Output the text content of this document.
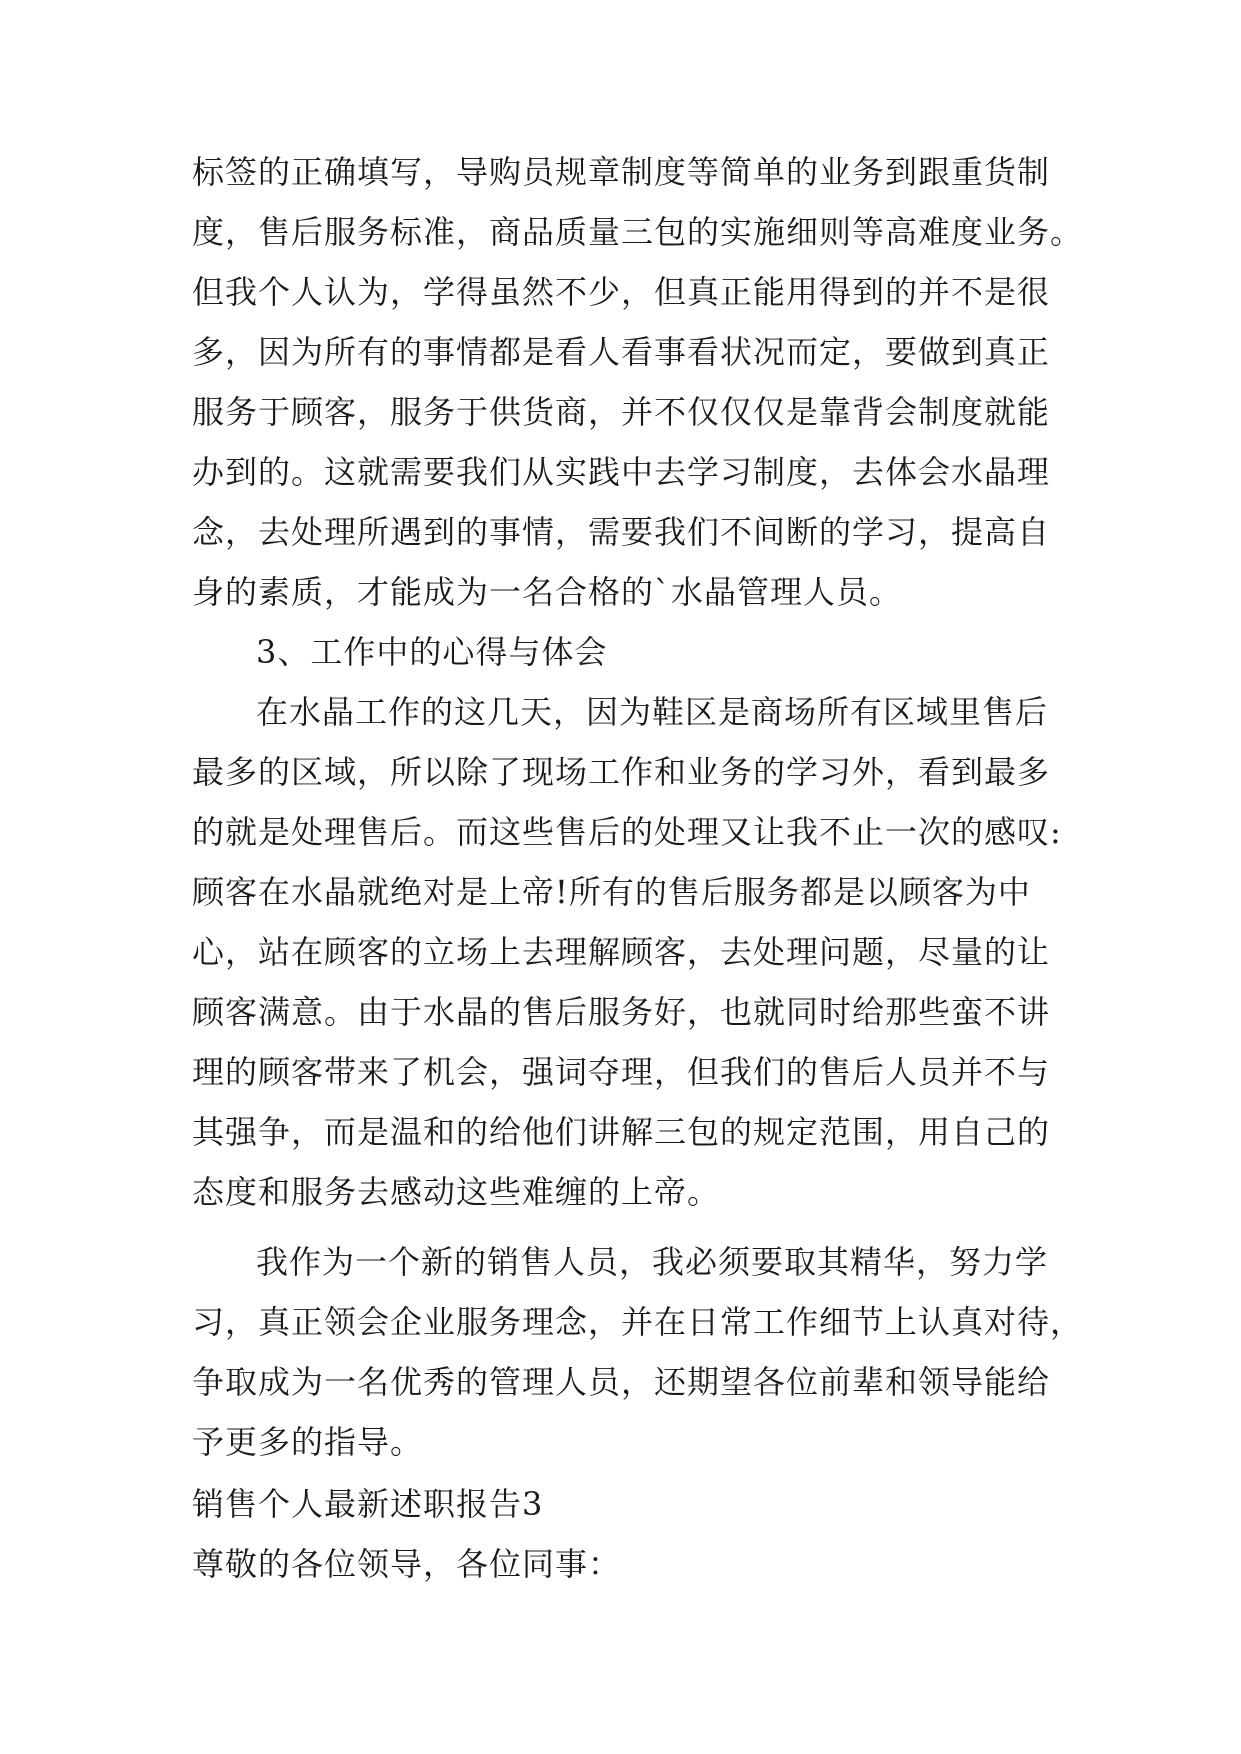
标签的正确填写，导购员规章制度等简单的业务到跟重货制
度，售后服务标准，商品质量三包的实施细则等高难度业务。
但我个人认为，学得虽然不少，但真正能用得到的并不是很
多，因为所有的事情都是看人看事看状况而定，要做到真正
服务于顾客，服务于供货商，并不仅仅仅是靠背会制度就能
办到的。这就需要我们从实践中去学习制度，去体会水晶理
念，去处理所遇到的事情，需要我们不间断的学习，提高自
身的素质，才能成为一名合格的`水晶管理人员。
3、工作中的心得与体会
在水晶工作的这几天，因为鞋区是商场所有区域里售后
最多的区域，所以除了现场工作和业务的学习外，看到最多
的就是处理售后。而这些售后的处理又让我不止一次的感叹:
顾客在水晶就绝对是上帝!所有的售后服务都是以顾客为中
心，站在顾客的立场上去理解顾客，去处理问题，尽量的让
顾客满意。由于水晶的售后服务好，也就同时给那些蛮不讲
理的顾客带来了机会，强词夺理，但我们的售后人员并不与
其强争，而是温和的给他们讲解三包的规定范围，用自己的
态度和服务去感动这些难缠的上帝。
我作为一个新的销售人员，我必须要取其精华，努力学
习，真正领会企业服务理念，并在日常工作细节上认真对待，
争取成为一名优秀的管理人员，还期望各位前辈和领导能给
予更多的指导。
销售个人最新述职报告3
尊敬的各位领导，各位同事：
